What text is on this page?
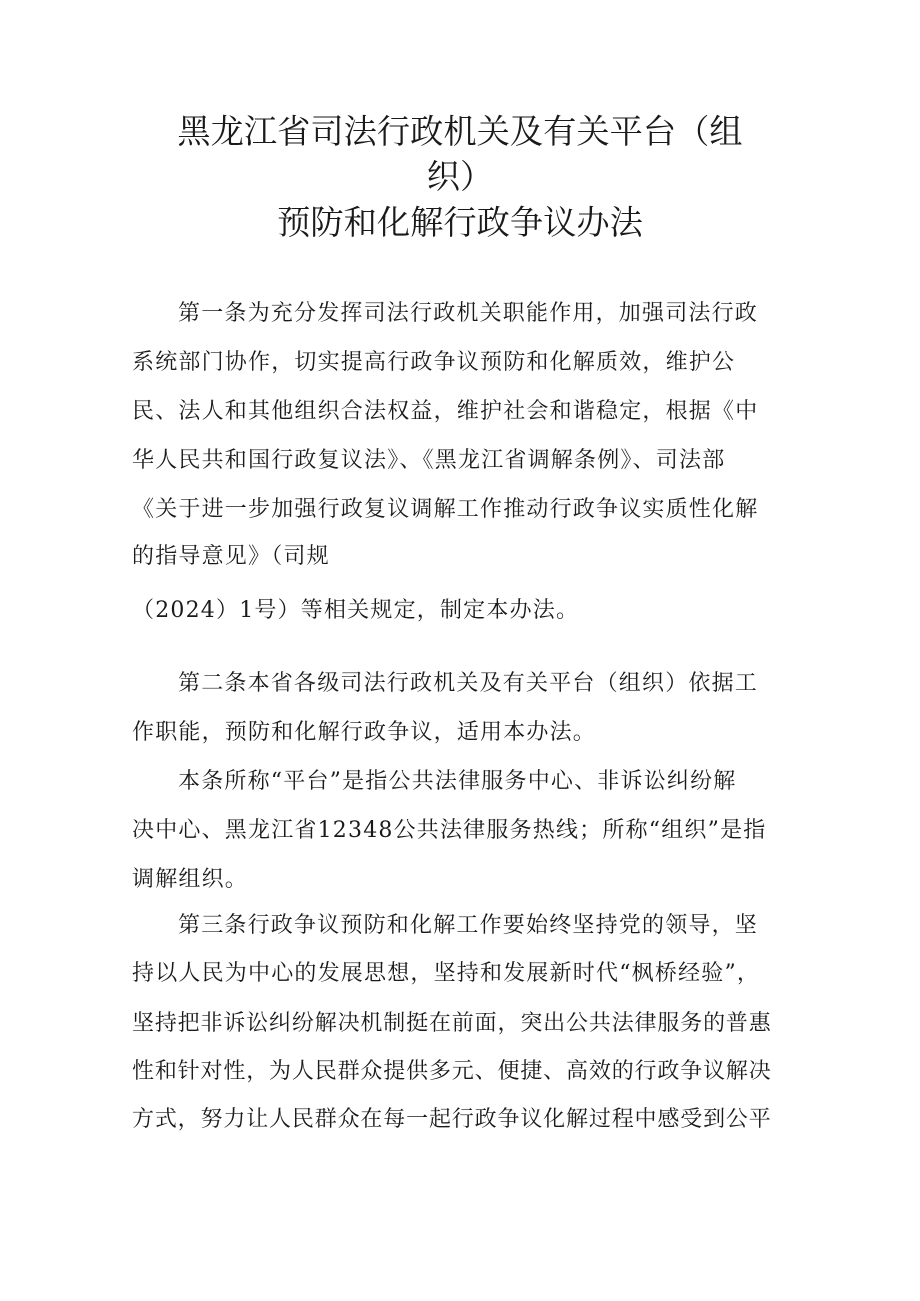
黑龙江省司法行政机关及有关平台（组
织）
预防和化解行政争议办法
第一条为充分发挥司法行政机关职能作用，加强司法行政
系统部门协作，切实提高行政争议预防和化解质效，维护公
民、法人和其他组织合法权益，维护社会和谐稳定，根据《中
华人民共和国行政复议法》、《黑龙江省调解条例》、司法部
《关于进一步加强行政复议调解工作推动行政争议实质性化解
的指导意见》（司规
（2024）1号）等相关规定，制定本办法。
第二条本省各级司法行政机关及有关平台（组织）依据工
作职能，预防和化解行政争议，适用本办法。
本条所称“平台”是指公共法律服务中心、非诉讼纠纷解
决中心、黑龙江省12348公共法律服务热线；所称“组织”是指
调解组织。
第三条行政争议预防和化解工作要始终坚持党的领导，坚
持以人民为中心的发展思想，坚持和发展新时代“枫桥经验”，
坚持把非诉讼纠纷解决机制挺在前面，突出公共法律服务的普惠
性和针对性，为人民群众提供多元、便捷、高效的行政争议解决
方式，努力让人民群众在每一起行政争议化解过程中感受到公平
